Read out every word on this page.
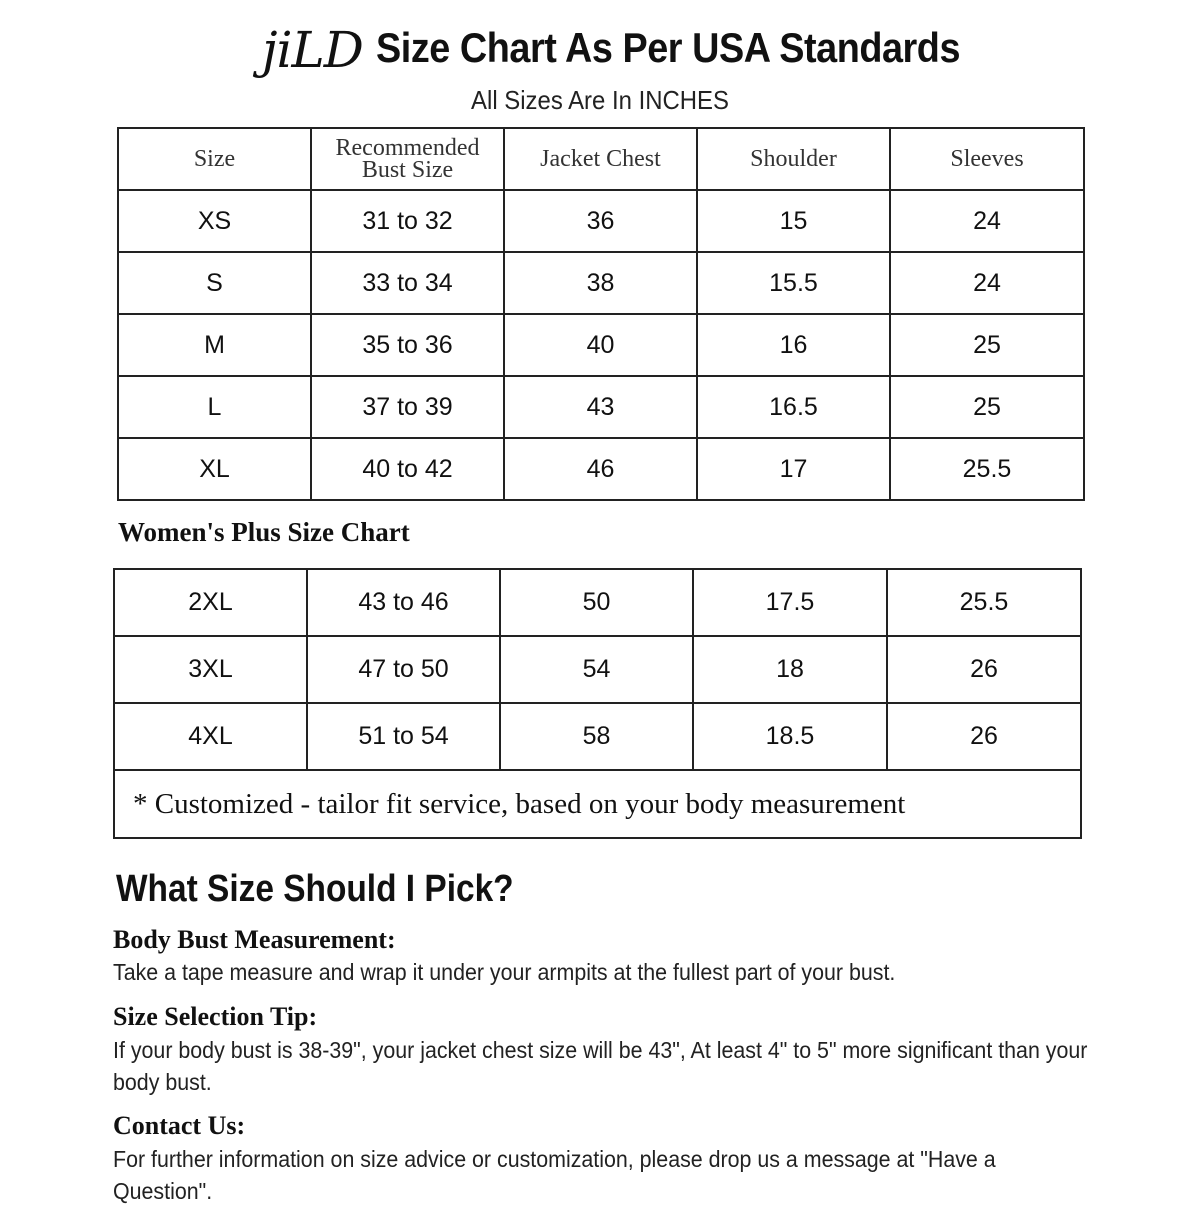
jiLD Size Chart As Per USA Standards
All Sizes Are In INCHES
Size	Recommended Bust Size	Jacket Chest	Shoulder	Sleeves
XS	31 to 32	36	15	24
S	33 to 34	38	15.5	24
M	35 to 36	40	16	25
L	37 to 39	43	16.5	25
XL	40 to 42	46	17	25.5
Women's Plus Size Chart
2XL	43 to 46	50	17.5	25.5
3XL	47 to 50	54	18	26
4XL	51 to 54	58	18.5	26
* Customized - tailor fit service, based on your body measurement				
What Size Should I Pick?
Body Bust Measurement:
Take a tape measure and wrap it under your armpits at the fullest part of your bust.
Size Selection Tip:
If your body bust is 38-39", your jacket chest size will be 43", At least 4" to 5" more significant than your body bust.
Contact Us:
For further information on size advice or customization, please drop us a message at "Have a Question".
